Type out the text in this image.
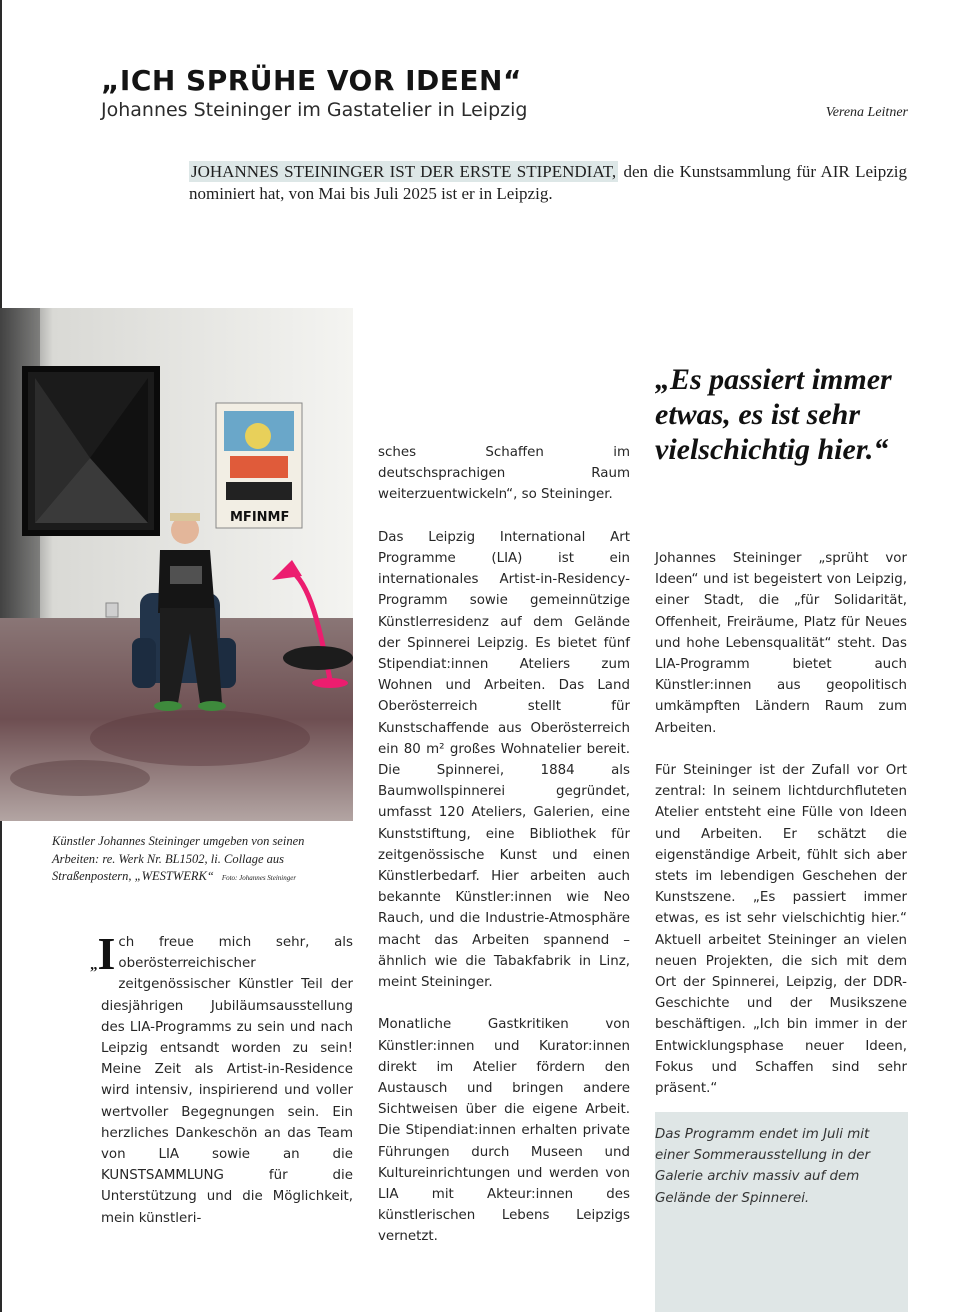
„ICH SPRÜHE VOR IDEEN“
Johannes Steininger im Gastatelier in Leipzig	Verena Leitner

JOHANNES STEININGER IST DER ERSTE STIPENDIAT, den die Kunstsammlung für AIR Leipzig nominiert hat, von Mai bis Juli 2025 ist er in Leipzig.

MFINMF

Künstler Johannes Steininger umgeben von seinen Arbeiten: re. Werk Nr. BL1502, li. Collage aus Straßenpostern, „WESTWERK“ Foto: Johannes Steininger

„I ch freue mich sehr, als oberösterreichischer zeitgenössischer Künstler Teil der diesjährigen Jubiläumsausstellung des LIA-Programms zu sein und nach Leipzig entsandt worden zu sein! Meine Zeit als Artist-in-Residence wird intensiv, inspirierend und voller wertvoller Begegnungen sein. Ein herzliches Dankeschön an das Team von LIA sowie an die KUNSTSAMMLUNG für die Unterstützung und die Möglichkeit, mein künstleri-

sches Schaffen im deutschsprachigen Raum weiterzuentwickeln“, so Steininger.

Das Leipzig International Art Programme (LIA) ist ein internationales Artist-in-Residency-Programm sowie gemeinnützige Künstlerresidenz auf dem Gelände der Spinnerei Leipzig. Es bietet fünf Stipendiat:innen Ateliers zum Wohnen und Arbeiten. Das Land Oberösterreich stellt für Kunstschaffende aus Oberösterreich ein 80 m² großes Wohnatelier bereit. Die Spinnerei, 1884 als Baumwollspinnerei gegründet, umfasst 120 Ateliers, Galerien, eine Kunststiftung, eine Bibliothek für zeitgenössische Kunst und einen Künstlerbedarf. Hier arbeiten auch bekannte Künstler:innen wie Neo Rauch, und die Industrie-Atmosphäre macht das Arbeiten spannend – ähnlich wie die Tabakfabrik in Linz, meint Steininger.

Monatliche Gastkritiken von Künstler:innen und Kurator:innen direkt im Atelier fördern den Austausch und bringen andere Sichtweisen über die eigene Arbeit. Die Stipendiat:innen erhalten private Führungen durch Museen und Kultureinrichtungen und werden von LIA mit Akteur:innen des künstlerischen Lebens Leipzigs vernetzt.

„Es passiert immer etwas, es ist sehr vielschichtig hier.“

Johannes Steininger „sprüht vor Ideen“ und ist begeistert von Leipzig, einer Stadt, die „für Solidarität, Offenheit, Freiräume, Platz für Neues und hohe Lebensqualität“ steht. Das LIA-Programm bietet auch Künstler:innen aus geopolitisch umkämpften Ländern Raum zum Arbeiten.

Für Steininger ist der Zufall vor Ort zentral: In seinem lichtdurchfluteten Atelier entsteht eine Fülle von Ideen und Arbeiten. Er schätzt die eigenständige Arbeit, fühlt sich aber stets im lebendigen Geschehen der Kunstszene. „Es passiert immer etwas, es ist sehr vielschichtig hier.“ Aktuell arbeitet Steininger an vielen neuen Projekten, die sich mit dem Ort der Spinnerei, Leipzig, der DDR-Geschichte und der Musikszene beschäftigen. „Ich bin immer in der Entwicklungsphase neuer Ideen, Fokus und Schaffen sind sehr präsent.“

Das Programm endet im Juli mit einer Sommerausstellung in der Galerie archiv massiv auf dem Gelände der Spinnerei.
